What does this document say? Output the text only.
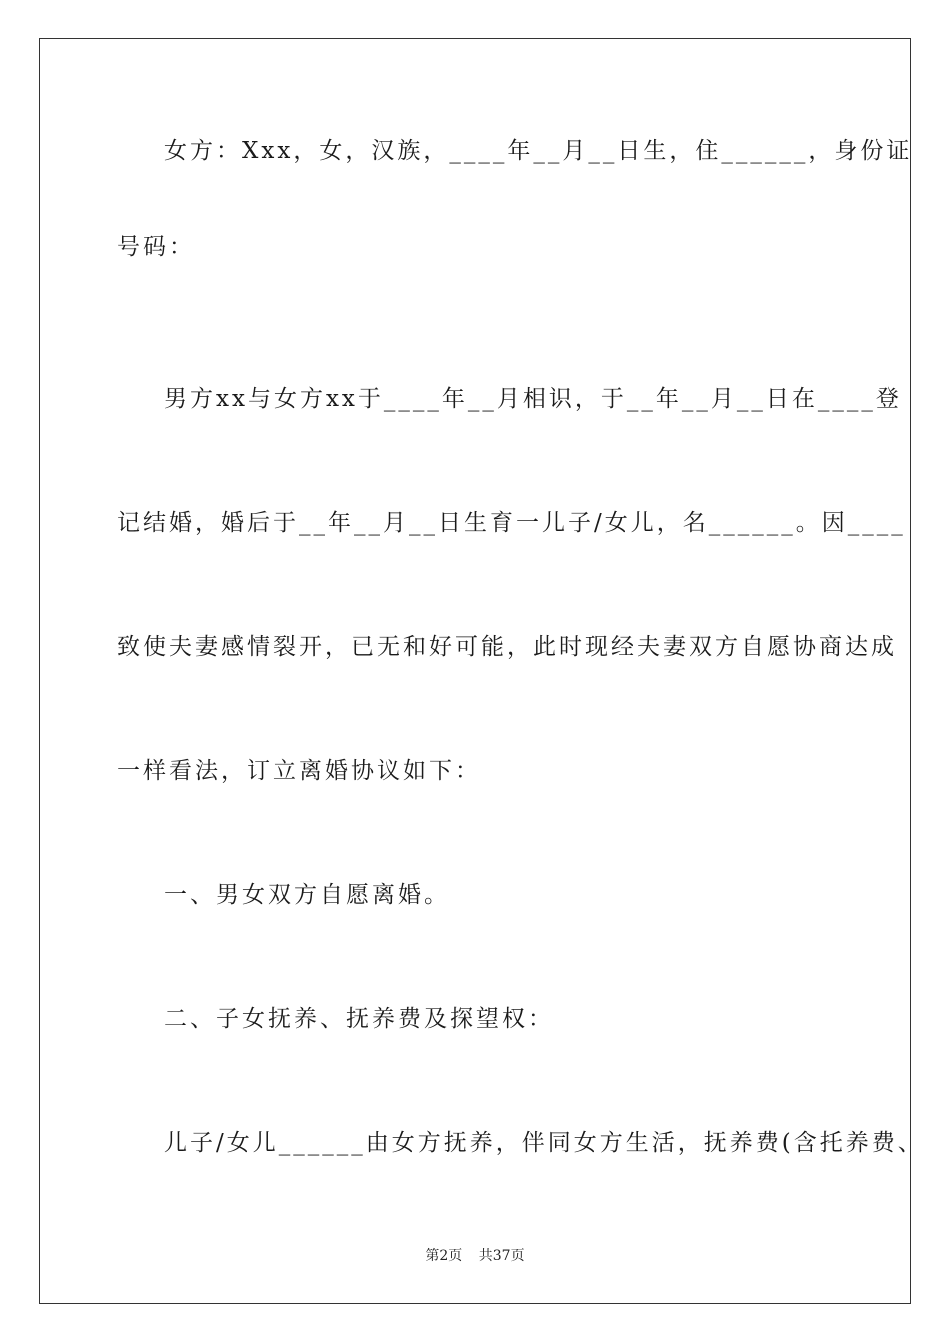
女方：Xxx，女，汉族，____年__月__日生，住______，身份证
号码：
男方xx与女方xx于____年__月相识，于__年__月__日在____登
记结婚，婚后于__年__月__日生育一儿子/女儿，名______。因____
致使夫妻感情裂开，已无和好可能，此时现经夫妻双方自愿协商达成
一样看法，订立离婚协议如下：
一、男女双方自愿离婚。
二、子女抚养、抚养费及探望权：
儿子/女儿______由女方抚养，伴同女方生活，抚养费(含托养费、
第2页 共37页
